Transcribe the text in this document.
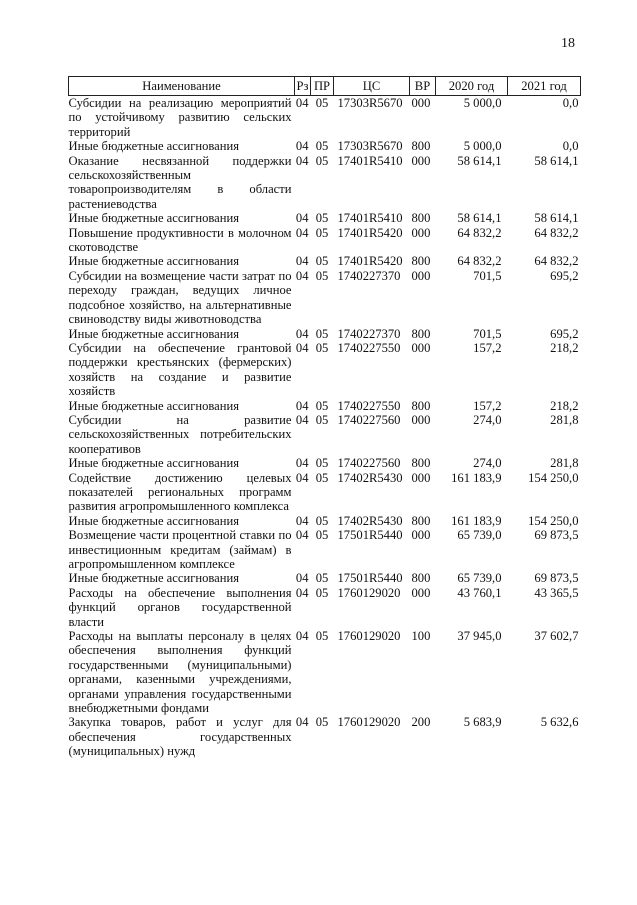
18
Наименование	Рз	ПР	ЦС	ВР	2020 год	2021 год
Субсидии на реализацию мероприятий по устойчивому развитию сельских территорий	04	05	17303R5670	000	5 000,0	0,0
Иные бюджетные ассигнования	04	05	17303R5670	800	5 000,0	0,0
Оказание несвязанной поддержки сельскохозяйственным товаропроизводителям в области растениеводства	04	05	17401R5410	000	58 614,1	58 614,1
Иные бюджетные ассигнования	04	05	17401R5410	800	58 614,1	58 614,1
Повышение продуктивности в молочном скотоводстве	04	05	17401R5420	000	64 832,2	64 832,2
Иные бюджетные ассигнования	04	05	17401R5420	800	64 832,2	64 832,2
Субсидии на возмещение части затрат по переходу граждан, ведущих личное подсобное хозяйство, на альтернативные свиноводству виды животноводства	04	05	1740227370	000	701,5	695,2
Иные бюджетные ассигнования	04	05	1740227370	800	701,5	695,2
Субсидии на обеспечение грантовой поддержки крестьянских (фермерских) хозяйств на создание и развитие хозяйств	04	05	1740227550	000	157,2	218,2
Иные бюджетные ассигнования	04	05	1740227550	800	157,2	218,2
Субсидии на развитие сельскохозяйственных потребительских кооперативов	04	05	1740227560	000	274,0	281,8
Иные бюджетные ассигнования	04	05	1740227560	800	274,0	281,8
Содействие достижению целевых показателей региональных программ развития агропромышленного комплекса	04	05	17402R5430	000	161 183,9	154 250,0
Иные бюджетные ассигнования	04	05	17402R5430	800	161 183,9	154 250,0
Возмещение части процентной ставки по инвестиционным кредитам (займам) в агропромышленном комплексе	04	05	17501R5440	000	65 739,0	69 873,5
Иные бюджетные ассигнования	04	05	17501R5440	800	65 739,0	69 873,5
Расходы на обеспечение выполнения функций органов государственной власти	04	05	1760129020	000	43 760,1	43 365,5
Расходы на выплаты персоналу в целях обеспечения выполнения функций государственными (муниципальными) органами, казенными учреждениями, органами управления государственными внебюджетными фондами	04	05	1760129020	100	37 945,0	37 602,7
Закупка товаров, работ и услуг для обеспечения государственных (муниципальных) нужд	04	05	1760129020	200	5 683,9	5 632,6
